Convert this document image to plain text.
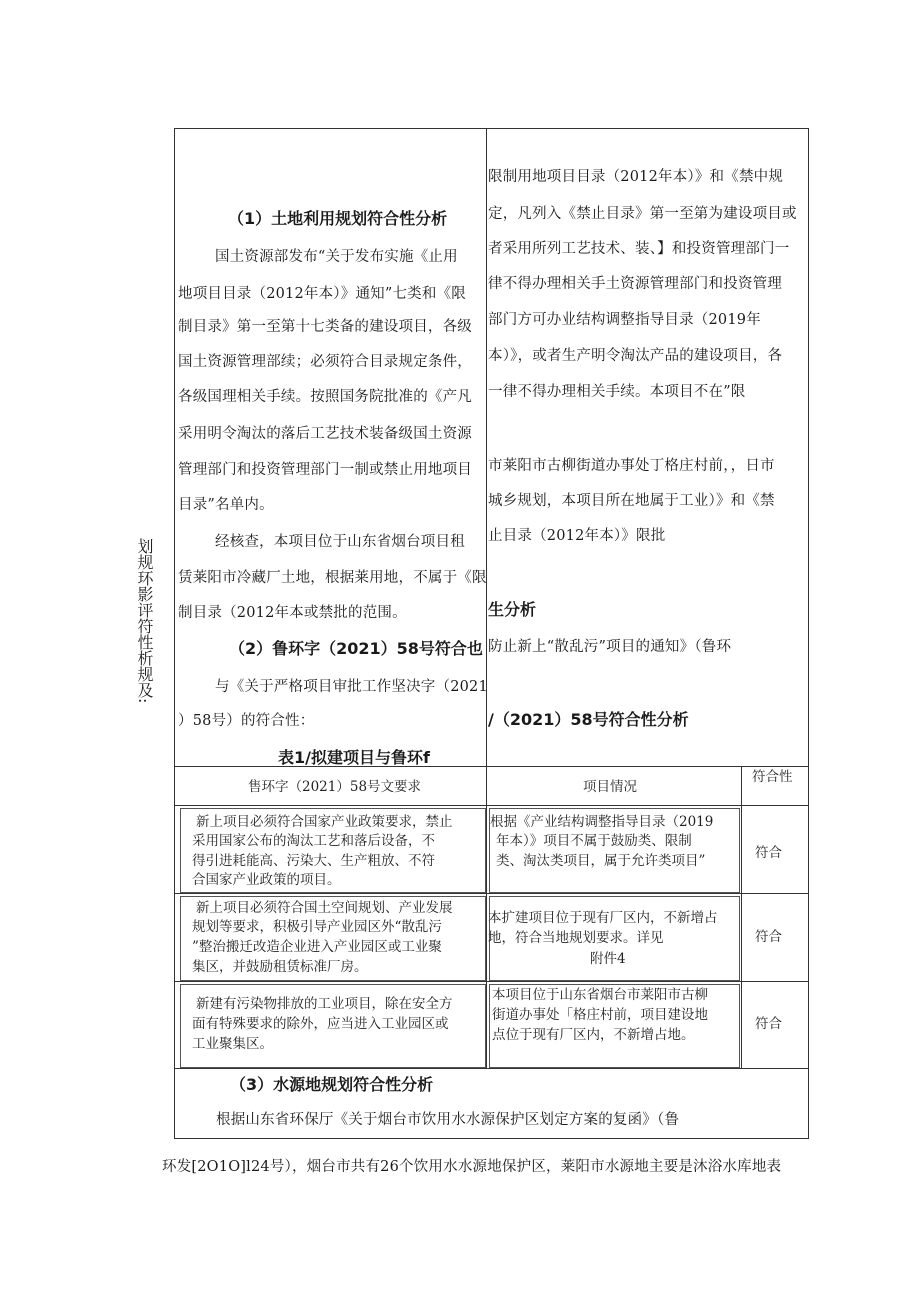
划规环影评符性析规及:
（1）土地利用规划符合性分析
国土资源部发布“关于发布实施《止用
地项目目录（2012年本）》通知”七类和《限
制目录》第一至第十七类备的建设项目，各级
国土资源管理部续；必须符合目录规定条件，
各级国理相关手续。按照国务院批准的《产凡
采用明令淘汰的落后工艺技术装备级国土资源
管理部门和投资管理部门一制或禁止用地项目
目录”名单内。
经核查，本项目位于山东省烟台项目租
赁莱阳市冷藏厂土地，根据莱用地，不属于《限
制目录（2012年本或禁批的范围。
（2）鲁环字（2021）58号符合也
与《关于严格项目审批工作坚决字（2021
）58号）的符合性：
表1/拟建项目与鲁环f
限制用地项目目录（2012年本）》和《禁中规
定，凡列入《禁止目录》第一至第为建设项目或
者采用所列工艺技术、装、】和投资管理部门一
律不得办理相关手土资源管理部门和投资管理
部门方可办业结构调整指导目录（2019年
本）》，或者生产明令淘汰产品的建设项目，各
一律不得办理相关手续。本项目不在”限
市莱阳市古柳街道办事处丁格庄村前，，日市
城乡规划，本项目所在地属于工业）》和《禁
止目录（2012年本）》限批
生分析
防止新上“散乱污”项目的通知》（鲁环
/（2021）58号符合性分析
售环字（2021）58号文要求	项目情况
符合性
新上项目必须符合国家产业政策要求，禁止
采用国家公布的淘汰工艺和落后设备，不
得引进耗能高、污染大、生产粗放、不符
合国家产业政策的项目。
根据《产业结构调整指导目录（2019
年本）》项目不属于鼓励类、限制
类、淘汰类项目，属于允许类项目”	符合
新上项目必须符合国土空间规划、产业发展
规划等要求，积极引导产业园区外“散乱污
”整治搬迁改造企业进入产业园区或工业聚
集区，并鼓励租赁标准厂房。
本扩建项目位于现有厂区内，不新增占
地，符合当地规划要求。详见
附件4
符合
新建有污染物排放的工业项目，除在安全方
面有特殊要求的除外，应当进入工业园区或
工业聚集区。
本项目位于山东省烟台市莱阳市古柳
街道办事处「格庄村前，项目建设地
点位于现有厂区内，不新增占地。
符合
（3）水源地规划符合性分析
根据山东省环保厅《关于烟台市饮用水水源保护区划定方案的复函》（鲁
环发[2O1O]l24号），烟台市共有26个饮用水水源地保护区，莱阳市水源地主要是沐浴水库地表
